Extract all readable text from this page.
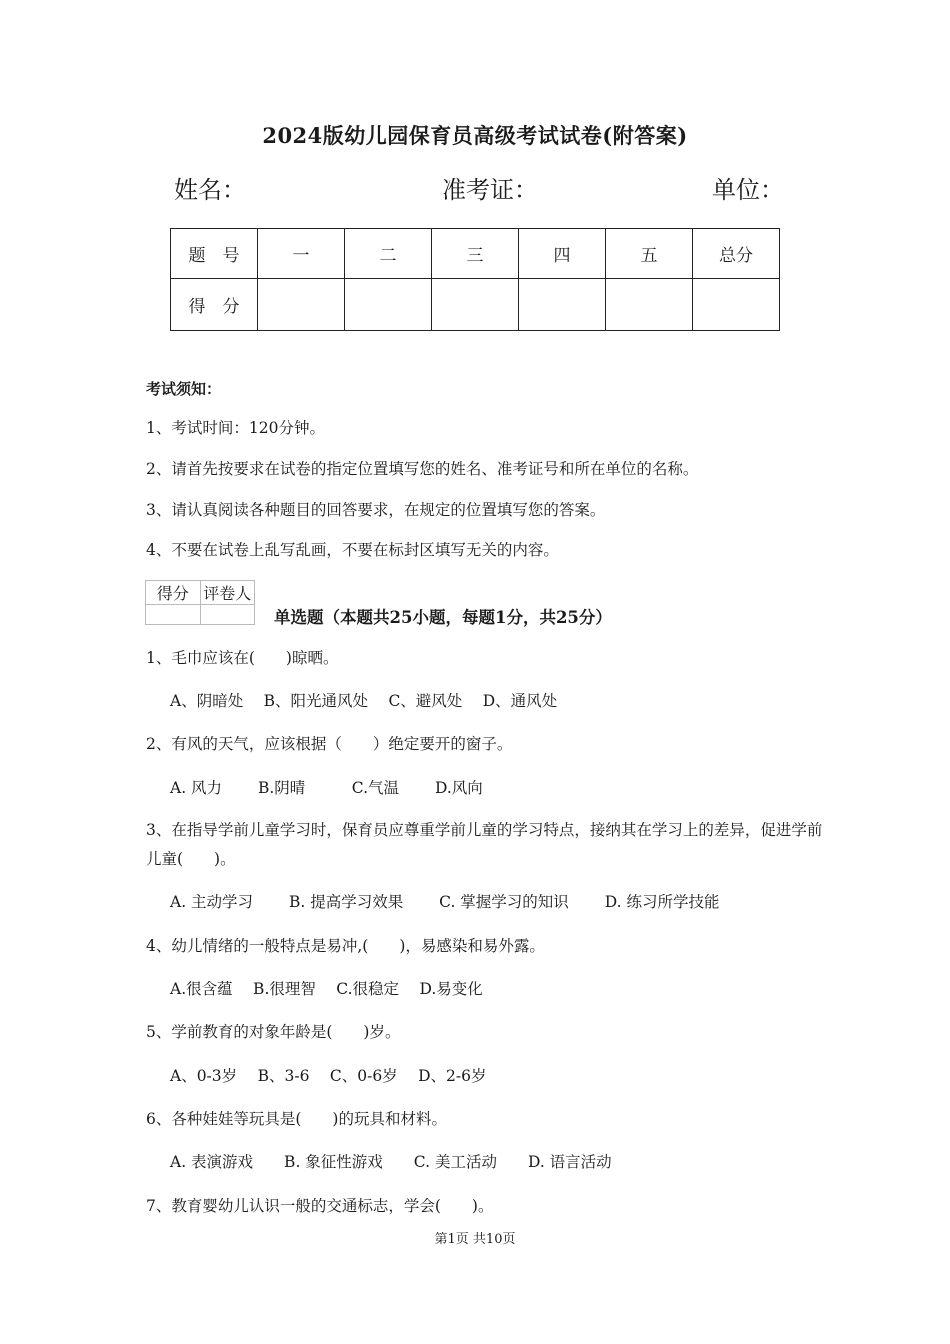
2024版幼儿园保育员高级考试试卷(附答案)
姓名：	准考证：	单位：
题　号	一	二	三	四	五	总分
得　分						
考试须知：
1、考试时间：120分钟。
2、请首先按要求在试卷的指定位置填写您的姓名、准考证号和所在单位的名称。
3、请认真阅读各种题目的回答要求，在规定的位置填写您的答案。
4、不要在试卷上乱写乱画，不要在标封区填写无关的内容。
得分	评卷人

单选题（本题共25小题，每题1分，共25分）
1、毛巾应该在(　　)晾晒。
A、阴暗处　 B、阳光通风处　 C、避风处　 D、通风处
2、有风的天气，应该根据（　　）绝定要开的窗子。
A. 风力　　 B.阴晴　　　C.气温　　 D.风向
3、在指导学前儿童学习时，保育员应尊重学前儿童的学习特点，接纳其在学习上的差异，促进学前儿童(　　)。
A. 主动学习　　 B. 提高学习效果　　 C. 掌握学习的知识　　 D. 练习所学技能
4、幼儿情绪的一般特点是易冲,(　　)，易感染和易外露。
A.很含蕴　 B.很理智　 C.很稳定　 D.易变化
5、学前教育的对象年龄是(　　)岁。
A、0-3岁　 B、3-6　 C、0-6岁　 D、2-6岁
6、各种娃娃等玩具是(　　)的玩具和材料。
A. 表演游戏　　B. 象征性游戏　　C. 美工活动　　D. 语言活动
7、教育婴幼儿认识一般的交通标志，学会(　　)。
第1页 共10页
